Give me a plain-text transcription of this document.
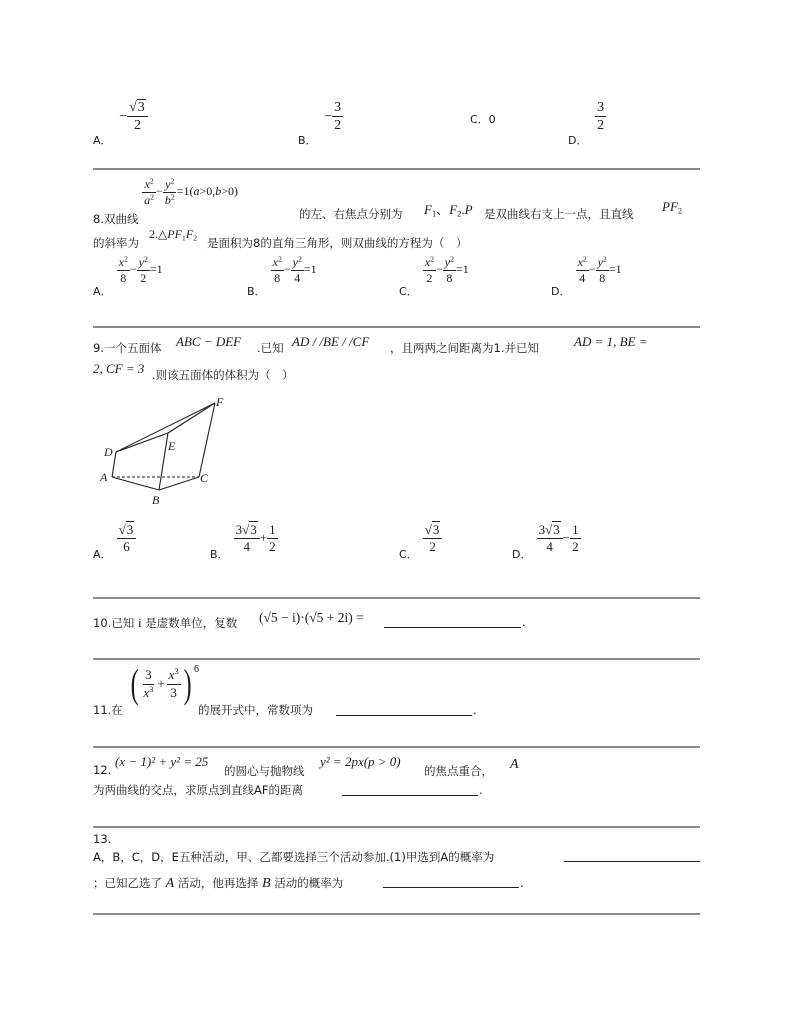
A． − $\frac{√3}{2}$
B． − $\frac{3}{2}$	C．0
D．
$\frac{3}{2}$
8.双曲线
$\frac{x^2}{a^2} - \frac{y^2}{b^2} =1(a>0,b>0)$
的左、右焦点分别为 $F_1$、$F_2.P$ 是双曲线右支上一点，且直线 $PF_2$
的斜率为
$2.\triangle PF_1F_2$ 是面积为8的直角三角形，则双曲线的方程为（　）
$_{A.}$
$\frac{x^2}{8} - \frac{y^2}{2} =1$
$_{B.}$
$\frac{x^2}{8} - \frac{y^2}{4} =1$
$_{C.}$
$\frac{x^2}{2} - \frac{y^2}{8} =1$
$_{D.}$
$\frac{x^2}{4} - \frac{y^2}{8} =1$
9.一个五面体 ABC − DEF .已知 AD / /BE / /CF ，且两两之间距离为1.并已知	AD = 1, BE =
2, CF = 3 .则该五面体的体积为（　）
F
E
D
A	C
B
$_{A.} \frac{√3}{6}$	$_{B.} \frac{3√3}{4} + \frac{1}{2}$	$_{C.} \frac{√3}{2}$	$_{D.} \frac{3√3}{4} - \frac{1}{2}$
10.已知 i 是虚数单位，复数 (√5 − i)·(√5 + 2i) =	.
11.在
( $\frac{3}{x^3} + \frac{x^3}{3}$ ) 6
的展开式中，常数项为	.
12.
(x − 1)² + y² = 25
的圆心与抛物线
y² = 2px(p > 0)
的焦点重合， A
为两曲线的交点，求原点到直线AF的距离	.
13.
A，B，C，D，E五种活动，甲、乙都要选择三个活动参加.(1)甲选到A的概率为
；已知乙选了 A 活动，他再选择 B 活动的概率为	.
